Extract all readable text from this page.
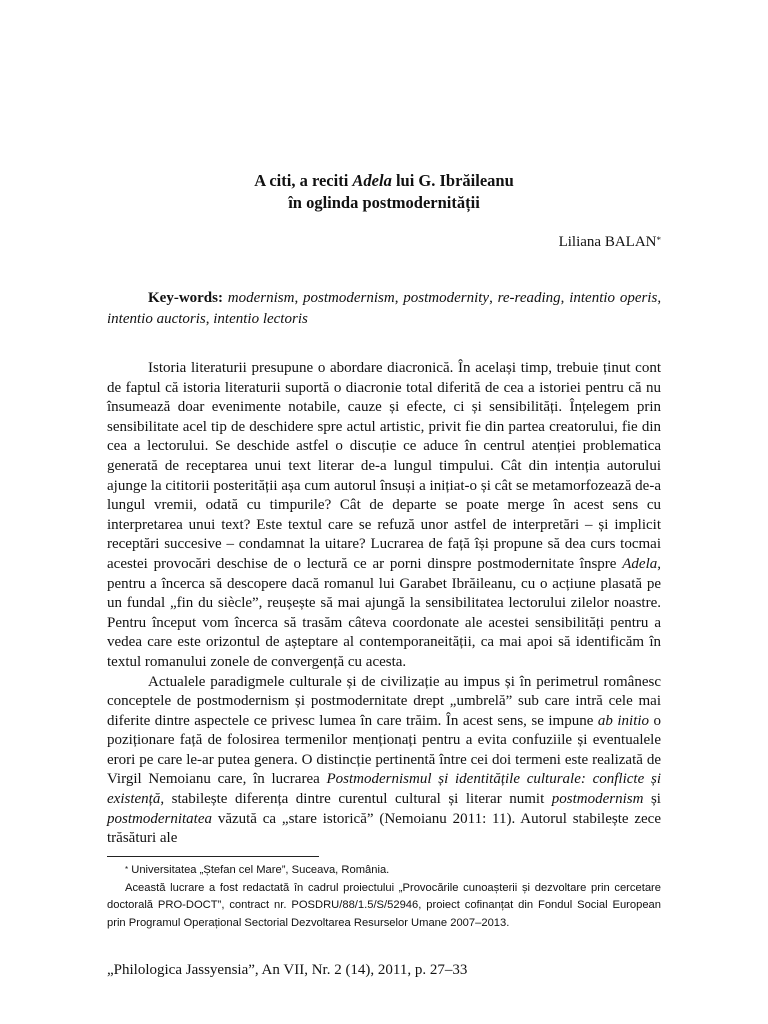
A citi, a reciti Adela lui G. Ibrăileanu
în oglinda postmodernității
Liliana BALAN*
Key-words: modernism, postmodernism, postmodernity, re-reading, intentio operis, intentio auctoris, intentio lectoris

Istoria literaturii presupune o abordare diacronică. În același timp, trebuie ținut cont de faptul că istoria literaturii suportă o diacronie total diferită de cea a istoriei pentru că nu însumează doar evenimente notabile, cauze și efecte, ci și sensibilități. Înțelegem prin sensibilitate acel tip de deschidere spre actul artistic, privit fie din partea creatorului, fie din cea a lectorului. Se deschide astfel o discuție ce aduce în centrul atenției problematica generată de receptarea unui text literar de-a lungul timpului. Cât din intenția autorului ajunge la cititorii posterității așa cum autorul însuși a inițiat-o și cât se metamorfozează de-a lungul vremii, odată cu timpurile? Cât de departe se poate merge în acest sens cu interpretarea unui text? Este textul care se refuză unor astfel de interpretări – și implicit receptări succesive – condamnat la uitare? Lucrarea de față își propune să dea curs tocmai acestei provocări deschise de o lectură ce ar porni dinspre postmodernitate înspre Adela, pentru a încerca să descopere dacă romanul lui Garabet Ibrăileanu, cu o acțiune plasată pe un fundal „fin du siècle”, reușește să mai ajungă la sensibilitatea lectorului zilelor noastre. Pentru început vom încerca să trasăm câteva coordonate ale acestei sensibilități pentru a vedea care este orizontul de așteptare al contemporaneității, ca mai apoi să identificăm în textul romanului zonele de convergență cu acesta.

Actualele paradigmele culturale și de civilizație au impus și în perimetrul românesc conceptele de postmodernism și postmodernitate drept „umbrelă” sub care intră cele mai diferite dintre aspectele ce privesc lumea în care trăim. În acest sens, se impune ab initio o poziționare față de folosirea termenilor menționați pentru a evita confuziile și eventualele erori pe care le-ar putea genera. O distincție pertinentă între cei doi termeni este realizată de Virgil Nemoianu care, în lucrarea Postmodernismul și identitățile culturale: conflicte și existență, stabilește diferența dintre curentul cultural și literar numit postmodernism și postmodernitatea văzută ca „stare istorică” (Nemoianu 2011: 11). Autorul stabilește zece trăsături ale

* Universitatea „Ștefan cel Mare”, Suceava, România.

Această lucrare a fost redactată în cadrul proiectului „Provocările cunoașterii și dezvoltare prin cercetare doctorală PRO-DOCT”, contract nr. POSDRU/88/1.5/S/52946, proiect cofinanțat din Fondul Social European prin Programul Operațional Sectorial Dezvoltarea Resurselor Umane 2007–2013.

„Philologica Jassyensia”, An VII, Nr. 2 (14), 2011, p. 27–33
